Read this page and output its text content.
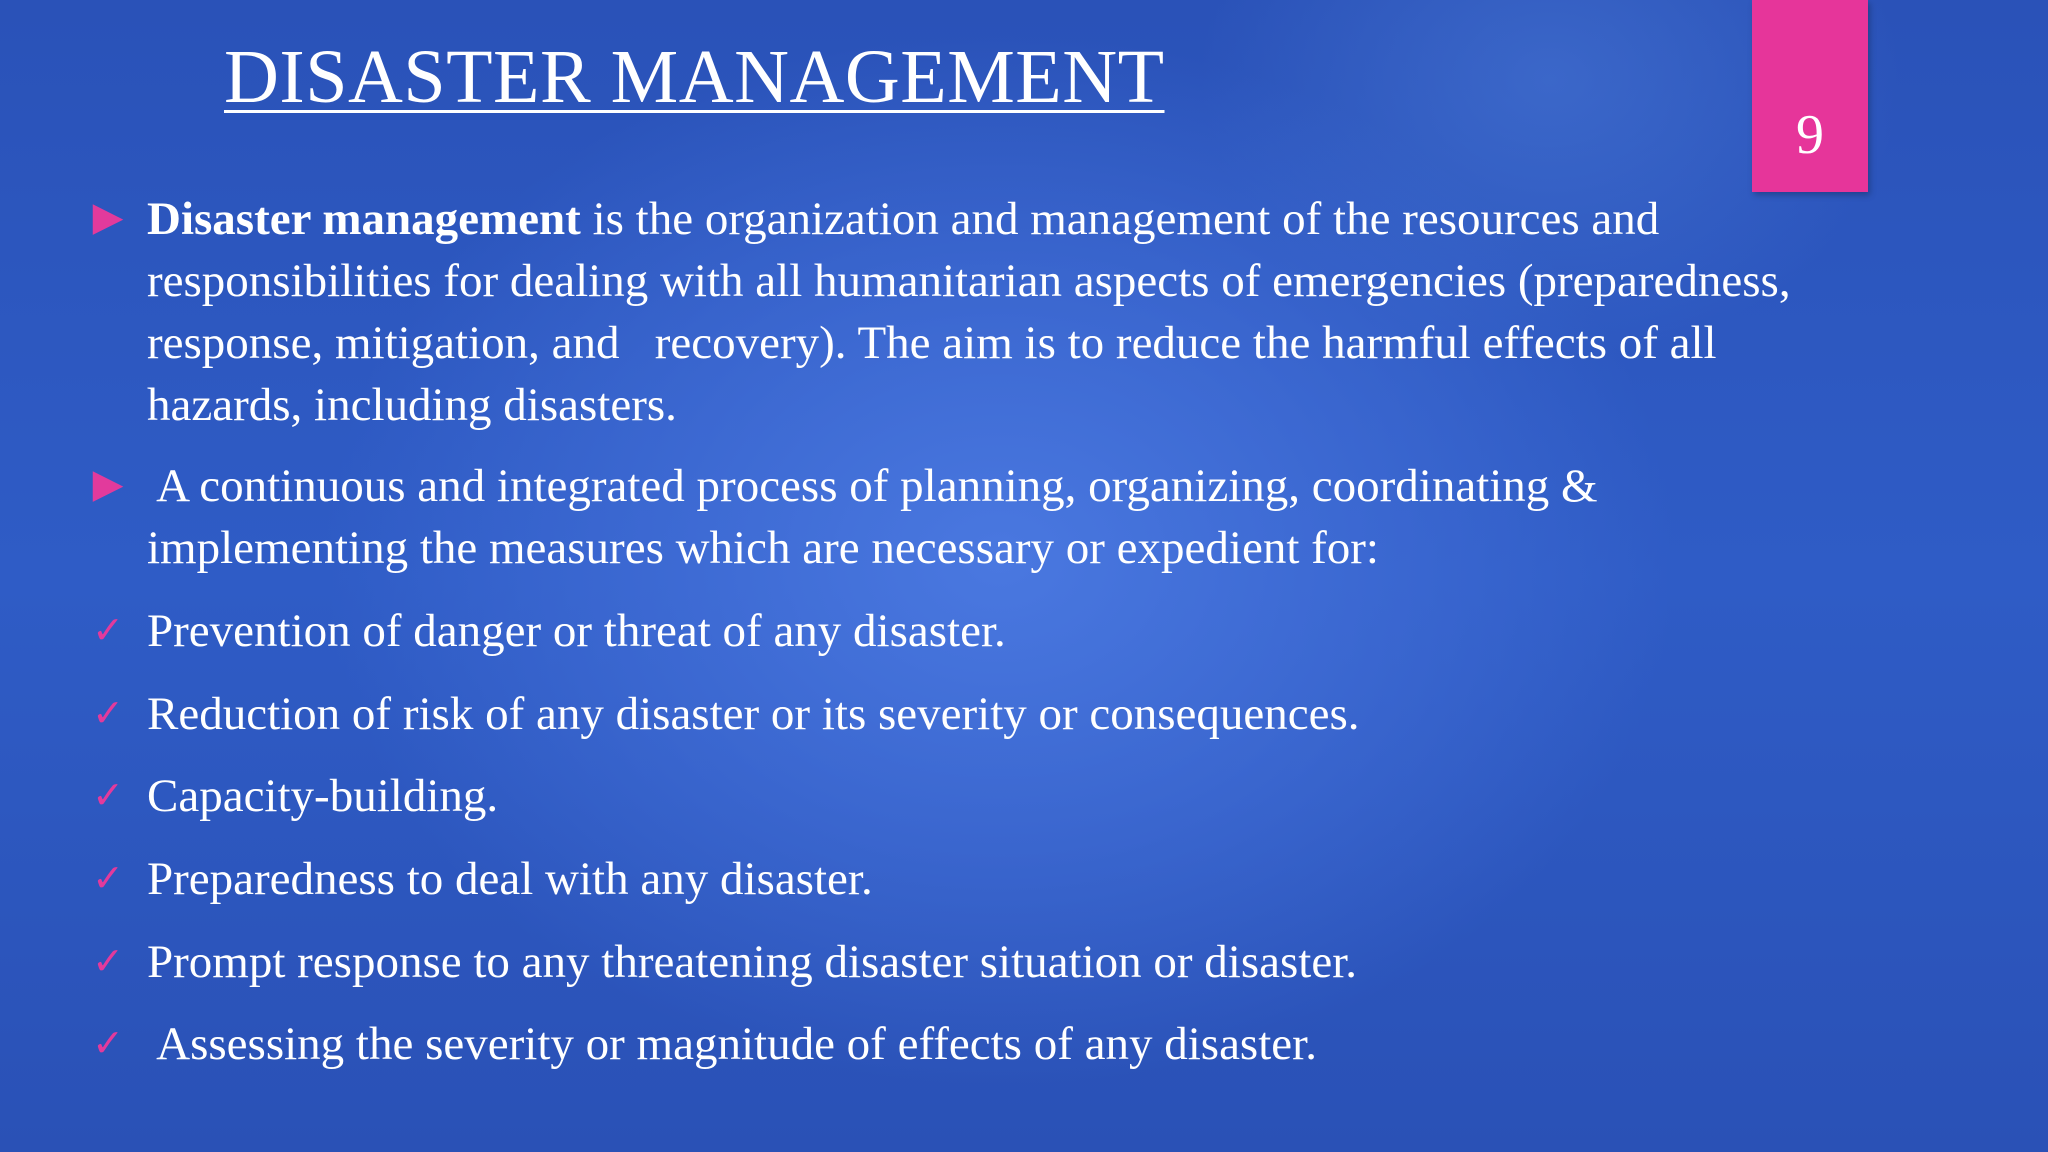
DISASTER MANAGEMENT
9
▶ Disaster management is the organization and management of the resources and
responsibilities for dealing with all humanitarian aspects of emergencies (preparedness,
response, mitigation, and   recovery). The aim is to reduce the harmful effects of all
hazards, including disasters.
▶ A continuous and integrated process of planning, organizing, coordinating &
implementing the measures which are necessary or expedient for:
✓ Prevention of danger or threat of any disaster.
✓ Reduction of risk of any disaster or its severity or consequences.
✓ Capacity-building.
✓ Preparedness to deal with any disaster.
✓ Prompt response to any threatening disaster situation or disaster.
✓ Assessing the severity or magnitude of effects of any disaster.
